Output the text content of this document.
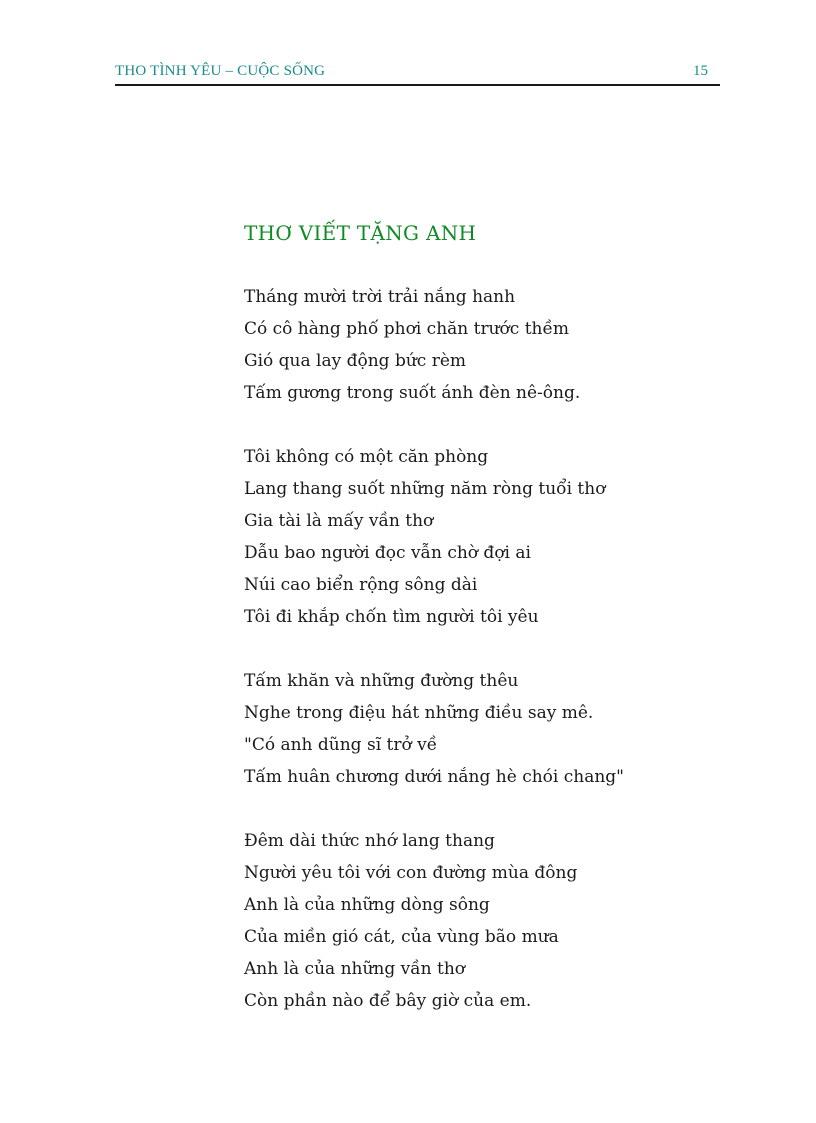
THO TÌNH YÊU – CUỘC SỐNG	15
THƠ VIẾT TẶNG ANH
Tháng mười trời trải nắng hanh
Có cô hàng phố phơi chăn trước thềm
Gió qua lay động bức rèm
Tấm gương trong suốt ánh đèn nê-ông.
Tôi không có một căn phòng
Lang thang suốt những năm ròng tuổi thơ
Gia tài là mấy vần thơ
Dẫu bao người đọc vẫn chờ đợi ai
Núi cao biển rộng sông dài
Tôi đi khắp chốn tìm người tôi yêu
Tấm khăn và những đường thêu
Nghe trong điệu hát những điều say mê.
"Có anh dũng sĩ trở về
Tấm huân chương dưới nắng hè chói chang"
Đêm dài thức nhớ lang thang
Người yêu tôi với con đường mùa đông
Anh là của những dòng sông
Của miền gió cát, của vùng bão mưa
Anh là của những vần thơ
Còn phần nào để bây giờ của em.
